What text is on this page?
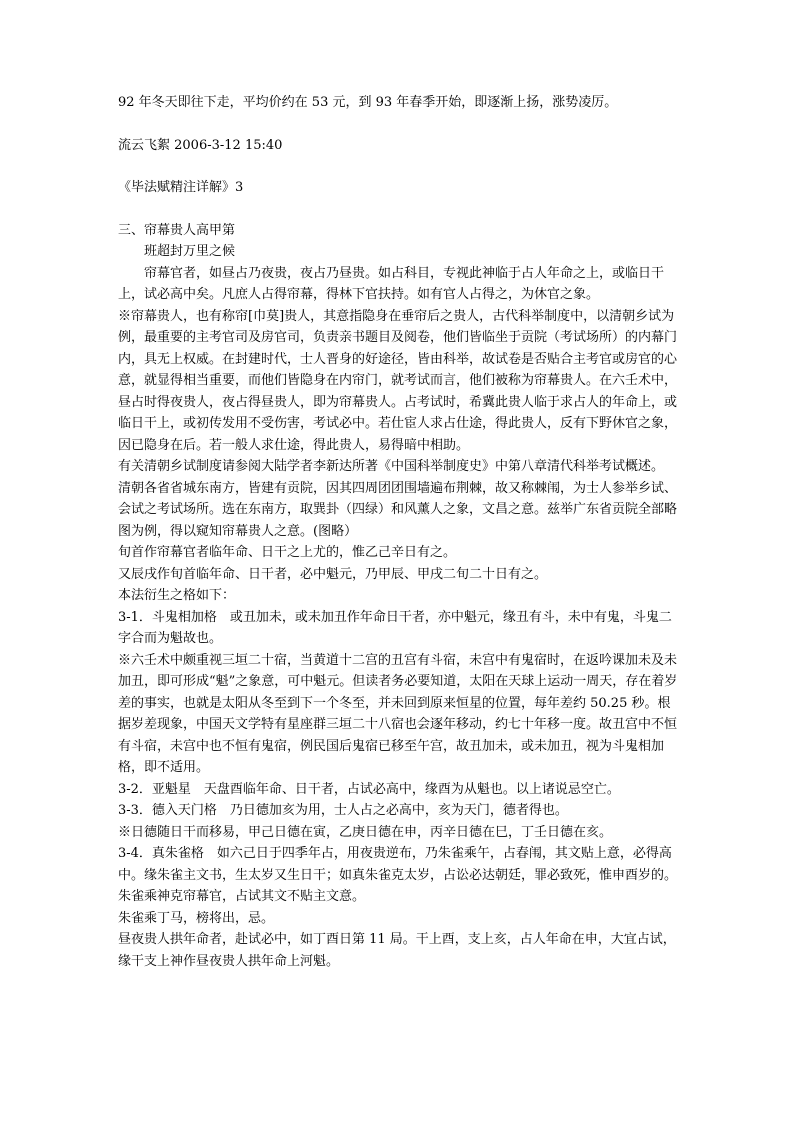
92 年冬天即往下走，平均价约在 53 元，到 93 年春季开始，即逐渐上扬，涨势凌厉。

流云飞絮 2006-3-12 15:40

《毕法赋精注详解》3

三、帘幕贵人高甲第

班超封万里之候

帘幕官者，如昼占乃夜贵，夜占乃昼贵。如占科目，专视此神临于占人年命之上，或临日干上，试必高中矣。凡庶人占得帘幕，得林下官扶持。如有官人占得之，为休官之象。

※帘幕贵人，也有称帘[巾莫]贵人，其意指隐身在垂帘后之贵人，古代科举制度中，以清朝乡试为例，最重要的主考官司及房官司，负责亲书题目及阅卷，他们皆临坐于贡院（考试场所）的内幕门内，具无上权威。在封建时代，士人晋身的好途径，皆由科举，故试卷是否贴合主考官或房官的心意，就显得相当重要，而他们皆隐身在内帘门，就考试而言，他们被称为帘幕贵人。在六壬术中，昼占时得夜贵人，夜占得昼贵人，即为帘幕贵人。占考试时，希冀此贵人临于求占人的年命上，或临日干上，或初传发用不受伤害，考试必中。若仕宦人求占仕途，得此贵人，反有下野休官之象，因已隐身在后。若一般人求仕途，得此贵人，易得暗中相助。

有关清朝乡试制度请参阅大陆学者李新达所著《中国科举制度史》中第八章清代科举考试概述。

清朝各省省城东南方，皆建有贡院，因其四周团团围墙遍布荆棘，故又称棘闱，为士人参举乡试、会试之考试场所。选在东南方，取巽卦（四绿）和风薰人之象，文昌之意。兹举广东省贡院全部略图为例，得以窥知帘幕贵人之意。(图略）

旬首作帘幕官者临年命、日干之上尤的，惟乙己辛日有之。

又辰戌作旬首临年命、日干者，必中魁元，乃甲辰、甲戌二旬二十日有之。

本法衍生之格如下：

3-1．斗鬼相加格　或丑加未，或未加丑作年命日干者，亦中魁元，缘丑有斗，未中有鬼，斗鬼二字合而为魁故也。

※六壬术中颇重视三垣二十宿，当黄道十二宫的丑宫有斗宿，未宫中有鬼宿时，在返吟课加未及未加丑，即可形成“魁”之象意，可中魁元。但读者务必要知道，太阳在天球上运动一周天，存在着岁差的事实，也就是太阳从冬至到下一个冬至，并未回到原来恒星的位置，每年差约 50.25 秒。根据岁差现象，中国天文学特有星座群三垣二十八宿也会逐年移动，约七十年移一度。故丑宫中不恒有斗宿，未宫中也不恒有鬼宿，例民国后鬼宿已移至午宫，故丑加未，或未加丑，视为斗鬼相加格，即不适用。

3-2．亚魁星　天盘酉临年命、日干者，占试必高中，缘酉为从魁也。以上诸说忌空亡。

3-3．德入天门格　乃日德加亥为用，士人占之必高中，亥为天门，德者得也。

※日德随日干而移易，甲己日德在寅，乙庚日德在申，丙辛日德在巳，丁壬日德在亥。

3-4．真朱雀格　如六己日于四季年占，用夜贵逆布，乃朱雀乘午，占春闱，其文贴上意，必得高中。缘朱雀主文书，生太岁又生日干；如真朱雀克太岁，占讼必达朝廷，罪必致死，惟申酉岁的。

朱雀乘神克帘幕官，占试其文不贴主文意。

朱雀乘丁马，榜将出，忌。

昼夜贵人拱年命者，赴试必中，如丁酉日第 11 局。干上酉，支上亥，占人年命在申，大宜占试，缘干支上神作昼夜贵人拱年命上河魁。
